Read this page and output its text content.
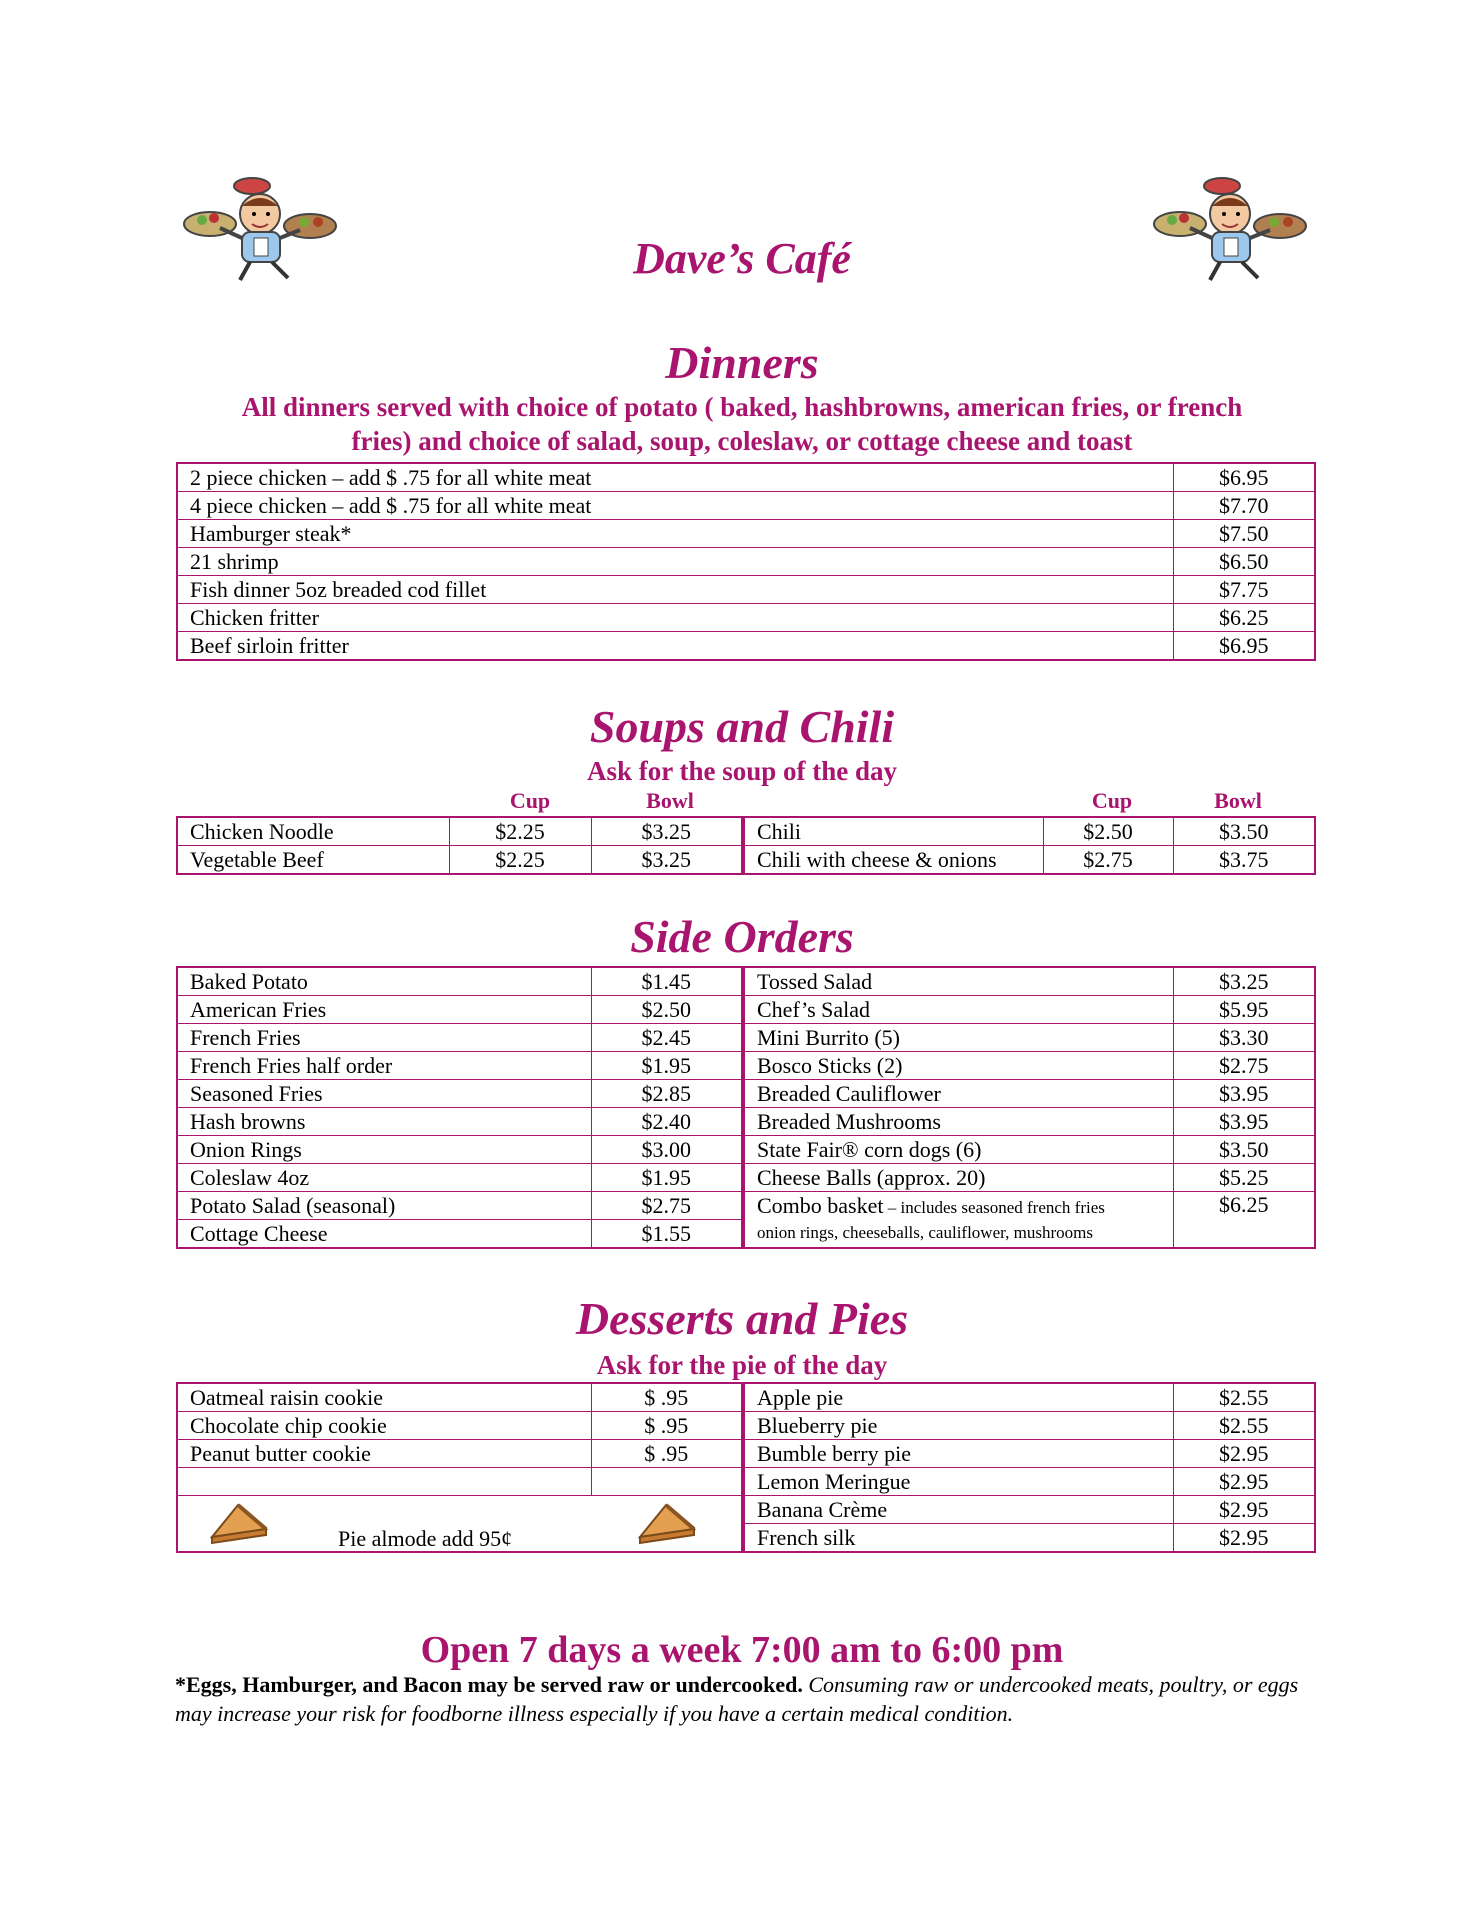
Dave’s Café
Dinners
All dinners served with choice of potato ( baked, hashbrowns, american fries, or french
fries) and choice of salad, soup, coleslaw, or cottage cheese and toast
2 piece chicken – add $ .75 for all white meat	$6.95
4 piece chicken – add $ .75 for all white meat	$7.70
Hamburger steak*	$7.50
21 shrimp	$6.50
Fish dinner 5oz breaded cod fillet	$7.75
Chicken fritter	$6.25
Beef sirloin fritter	$6.95
Soups and Chili
Ask for the soup of the day
Cup	Bowl	Cup	Bowl
Chicken Noodle	$2.25	$3.25	Chili	$2.50	$3.50
Vegetable Beef	$2.25	$3.25	Chili with cheese & onions	$2.75	$3.75
Side Orders
Baked Potato	$1.45	Tossed Salad	$3.25
American Fries	$2.50	Chef’s Salad	$5.95
French Fries	$2.45	Mini Burrito (5)	$3.30
French Fries half order	$1.95	Bosco Sticks (2)	$2.75
Seasoned Fries	$2.85	Breaded Cauliflower	$3.95
Hash browns	$2.40	Breaded Mushrooms	$3.95
Onion Rings	$3.00	State Fair® corn dogs (6)	$3.50
Coleslaw 4oz	$1.95	Cheese Balls (approx. 20)	$5.25
Potato Salad (seasonal)	$2.75	Combo basket – includes seasoned french fries
onion rings, cheeseballs, cauliflower, mushrooms	$6.25
Cottage Cheese	$1.55		
Desserts and Pies
Ask for the pie of the day
Oatmeal raisin cookie	$ .95	Apple pie	$2.55
Chocolate chip cookie	$ .95	Blueberry pie	$2.55
Peanut butter cookie	$ .95	Bumble berry pie	$2.95
		Lemon Meringue	$2.95

Pie almode add 95¢		Banana Crème	$2.95
		French silk	$2.95
Open 7 days a week 7:00 am to 6:00 pm
*Eggs, Hamburger, and Bacon may be served raw or undercooked. Consuming raw or undercooked meats, poultry, or eggs may increase your risk for foodborne illness especially if you have a certain medical condition.
